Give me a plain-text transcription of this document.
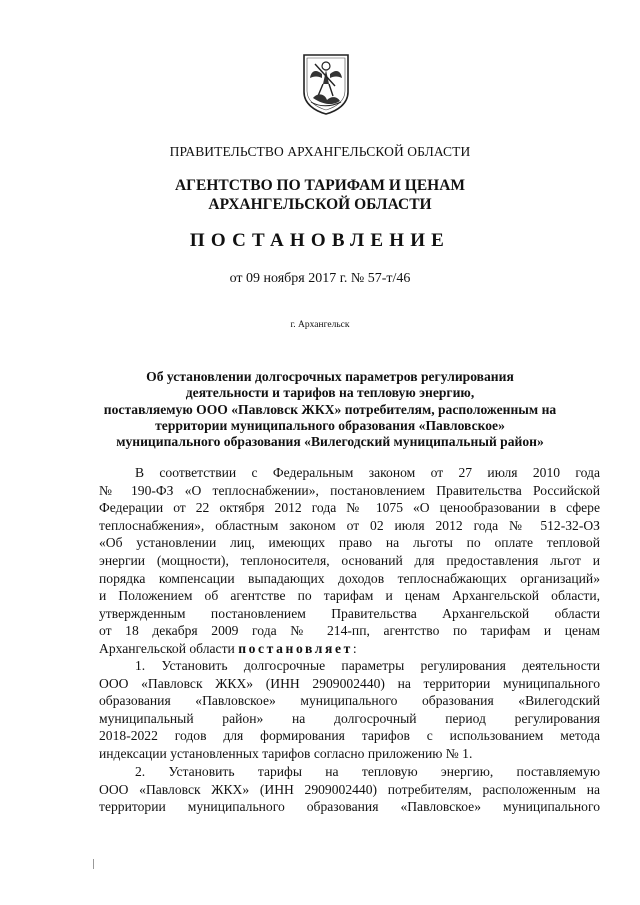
ПРАВИТЕЛЬСТВО АРХАНГЕЛЬСКОЙ ОБЛАСТИ
АГЕНТСТВО ПО ТАРИФАМ И ЦЕНАМ
АРХАНГЕЛЬСКОЙ ОБЛАСТИ
ПОСТАНОВЛЕНИЕ
от 09 ноября 2017 г. № 57-т/46
г. Архангельск
Об установлении долгосрочных параметров регулирования
деятельности и тарифов на тепловую энергию,
поставляемую ООО «Павловск ЖКХ» потребителям, расположенным на
территории муниципального образования «Павловское»
муниципального образования «Вилегодский муниципальный район»
В соответствии с Федеральным законом от 27 июля 2010 года
№ 190-ФЗ «О теплоснабжении», постановлением Правительства Российской
Федерации от 22 октября 2012 года № 1075 «О ценообразовании в сфере
теплоснабжения», областным законом от 02 июля 2012 года № 512-32-ОЗ
«Об установлении лиц, имеющих право на льготы по оплате тепловой
энергии (мощности), теплоносителя, оснований для предоставления льгот и
порядка компенсации выпадающих доходов теплоснабжающих организаций»
и Положением об агентстве по тарифам и ценам Архангельской области,
утвержденным постановлением Правительства Архангельской области
от 18 декабря 2009 года № 214-пп, агентство по тарифам и ценам
Архангельской области постановляет:
1. Установить долгосрочные параметры регулирования деятельности
ООО «Павловск ЖКХ» (ИНН 2909002440) на территории муниципального
образования «Павловское» муниципального образования «Вилегодский
муниципальный район» на долгосрочный период регулирования
2018-2022 годов для формирования тарифов с использованием метода
индексации установленных тарифов согласно приложению № 1.
2. Установить тарифы на тепловую энергию, поставляемую
ООО «Павловск ЖКХ» (ИНН 2909002440) потребителям, расположенным на
территории муниципального образования «Павловское» муниципального
